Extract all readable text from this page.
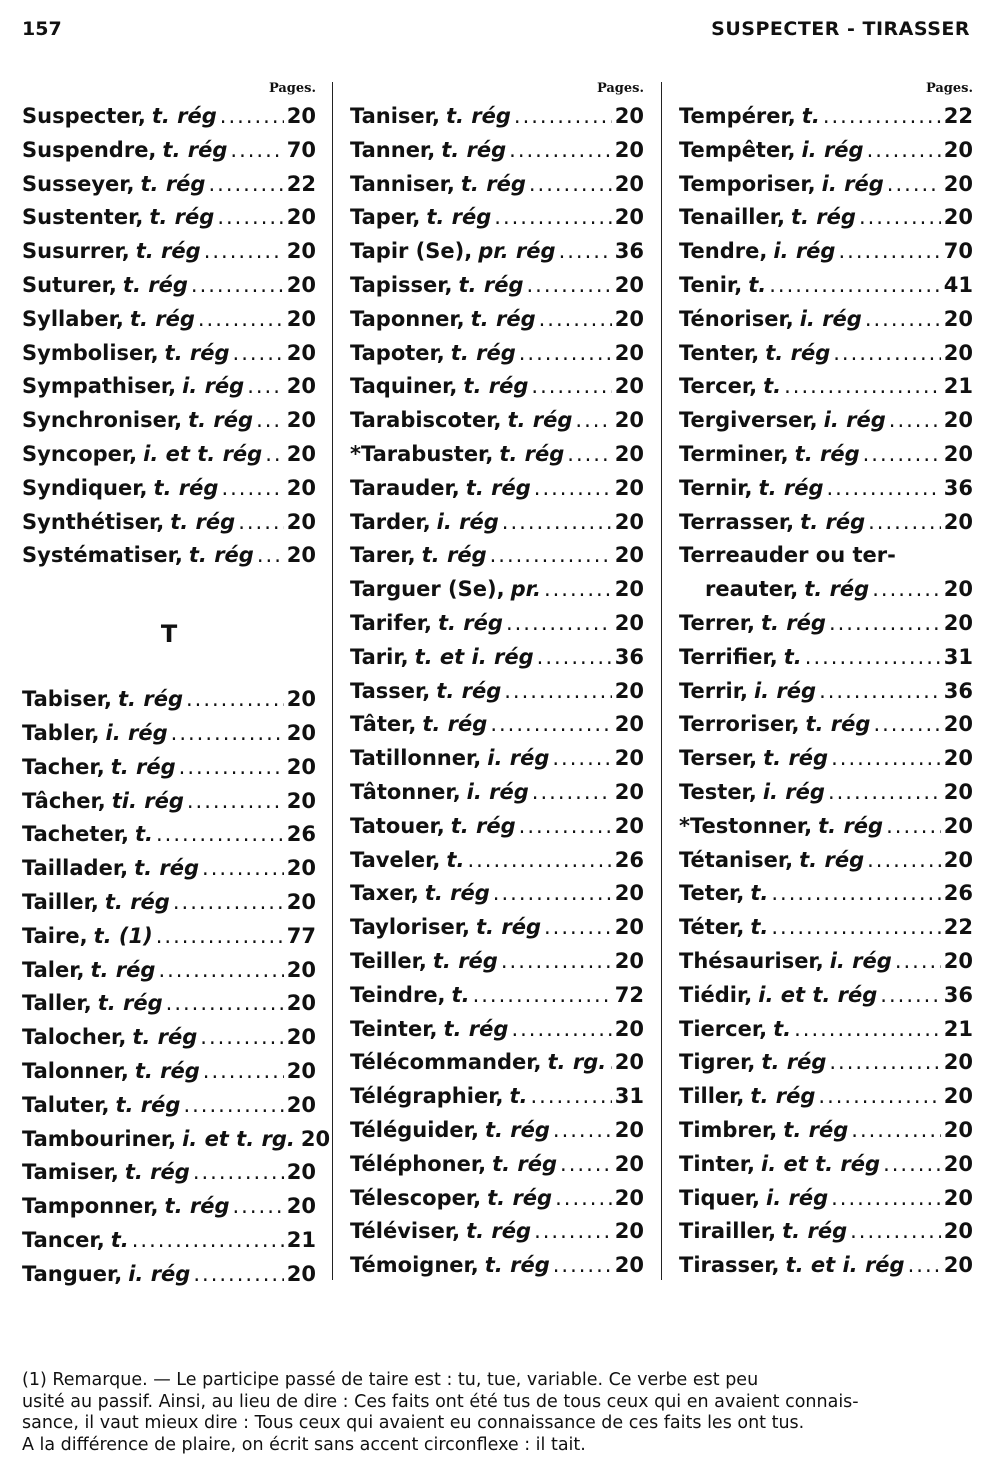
157	SUSPECTER - TIRASSER
Pages.
Suspecter, t. rég .....	20
Suspendre, t. rég .....	70
Susseyer, t. rég .....	22
Sustenter, t. rég .....	20
Susurrer, t. rég .....	20
Suturer, t. rég .....	20
Syllaber, t. rég .....	20
Symboliser, t. rég .....	20
Sympathiser, i. rég ..... 20
Synchroniser, t. rég ..... 20
Syncoper, i. et t. rég ..... 20
Syndiquer, t. rég .....	20
Synthétiser, t. rég ..... 20
Systématiser, t. rég ..... 20
T
Tabiser, t. rég .....	20
Tabler, i. rég .....	20
Tacher, t. rég .....	20
Tâcher, ti. rég .....	20
Tacheter, t. .....	26
Taillader, t. rég .....	20
Tailler, t. rég .....	20
Taire, t. (1) .....	77
Taler, t. rég .....	20
Taller, t. rég .....	20
Talocher, t. rég .....	20
Talonner, t. rég .....	20
Taluter, t. rég .....	20
Tambouriner, i. et t. rg. 20
Tamiser, t. rég .....	20
Tamponner, t. rég .....	20
Tancer, t. .....	21
Tanguer, i. rég .....	20
Pages.
Taniser, t. rég .....	20
Tanner, t. rég .....	20
Tanniser, t. rég .....	20
Taper, t. rég .....	20
Tapir (Se), pr. rég .....	36
Tapisser, t. rég .....	20
Taponner, t. rég .....	20
Tapoter, t. rég .....	20
Taquiner, t. rég .....	20
Tarabiscoter, t. rég ..... 20
*Tarabuster, t. rég ..... 20
Tarauder, t. rég .....	20
Tarder, i. rég .....	20
Tarer, t. rég .....	20
Targuer (Se), pr. .....	20
Tarifer, t. rég .....	20
Tarir, t. et i. rég .....	36
Tasser, t. rég .....	20
Tâter, t. rég .....	20
Tatillonner, i. rég .....	20
Tâtonner, i. rég .....	20
Tatouer, t. rég .....	20
Taveler, t. .....	26
Taxer, t. rég .....	20
Tayloriser, t. rég .....	20
Teiller, t. rég .....	20
Teindre, t. .....	72
Teinter, t. rég .....	20
Télécommander, t. rg. ..... 20
Télégraphier, t. .....	31
Téléguider, t. rég .....	20
Téléphoner, t. rég .....	20
Télescoper, t. rég .....	20
Téléviser, t. rég .....	20
Témoigner, t. rég .....	20
Pages.
Tempérer, t. .....	22
Tempêter, i. rég .....	20
Temporiser, i. rég .....	20
Tenailler, t. rég .....	20
Tendre, i. rég .....	70
Tenir, t. .....	41
Ténoriser, i. rég .....	20
Tenter, t. rég .....	20
Tercer, t. .....	21
Tergiverser, i. rég .....	20
Terminer, t. rég .....	20
Ternir, t. rég .....	36
Terrasser, t. rég .....	20
Terreauder ou ter-
reauter, t. rég .....	20
Terrer, t. rég .....	20
Terrifier, t. .....	31
Terrir, i. rég .....	36
Terroriser, t. rég .....	20
Terser, t. rég .....	20
Tester, i. rég .....	20
*Testonner, t. rég .....	20
Tétaniser, t. rég .....	20
Teter, t. .....	26
Téter, t. .....	22
Thésauriser, i. rég ..... 20
Tiédir, i. et t. rég .....	36
Tiercer, t. .....	21
Tigrer, t. rég .....	20
Tiller, t. rég .....	20
Timbrer, t. rég .....	20
Tinter, i. et t. rég .....	20
Tiquer, i. rég .....	20
Tirailler, t. rég .....	20
Tirasser, t. et i. rég ..... 20

(1) Remarque. — Le participe passé de taire est : tu, tue, variable. Ce verbe est peu

usité au passif. Ainsi, au lieu de dire : Ces faits ont été tus de tous ceux qui en avaient connais-

sance, il vaut mieux dire : Tous ceux qui avaient eu connaissance de ces faits les ont tus.

A la différence de plaire, on écrit sans accent circonflexe : il tait.
